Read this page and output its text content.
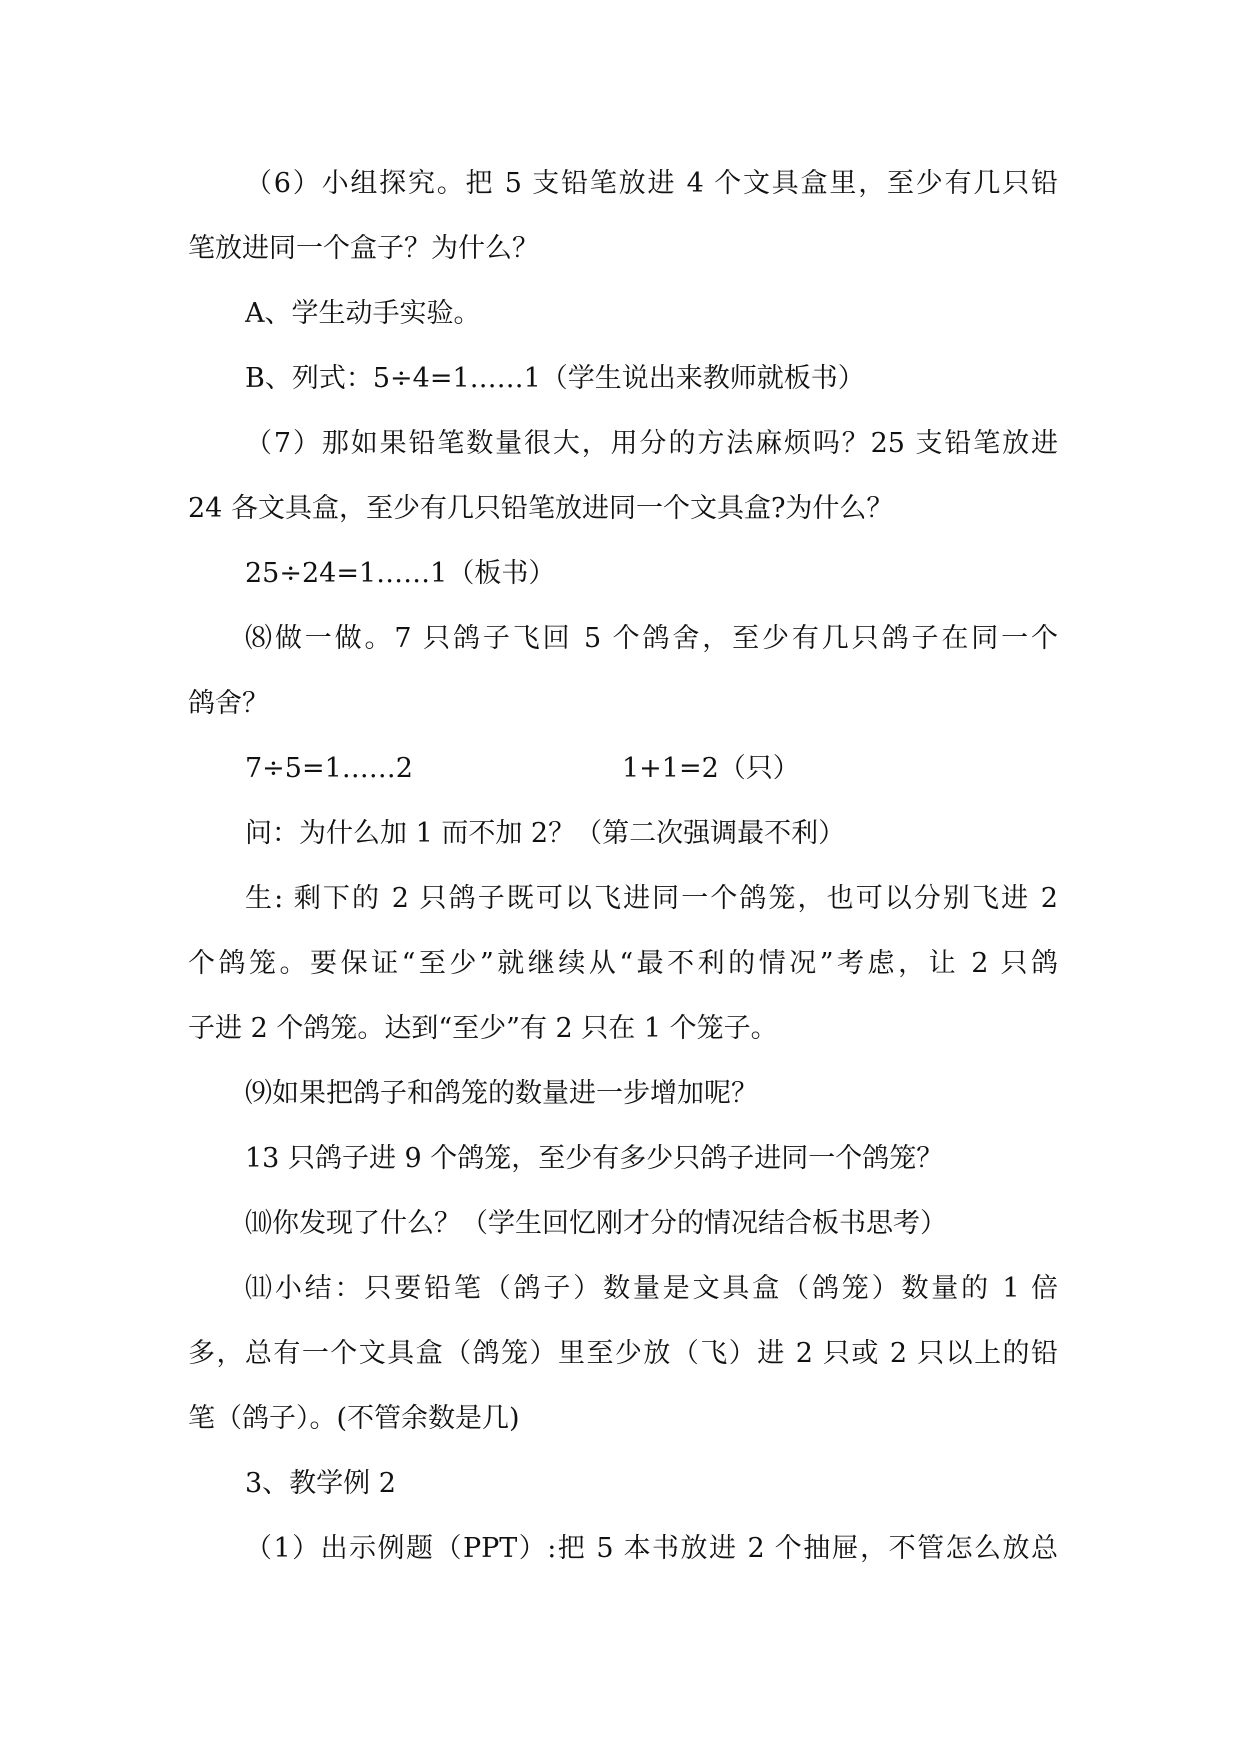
（6）小组探究。把 5 支铅笔放进 4 个文具盒里，至少有几只铅
笔放进同一个盒子？为什么？
A、学生动手实验。
B、列式：5÷4=1……1（学生说出来教师就板书）
（7）那如果铅笔数量很大，用分的方法麻烦吗？25 支铅笔放进
24 各文具盒，至少有几只铅笔放进同一个文具盒?为什么？
25÷24=1……1（板书）
⑻做一做。7 只鸽子飞回 5 个鸽舍，至少有几只鸽子在同一个
鸽舍？
7÷5=1……2	1+1=2（只）
问：为什么加 1 而不加 2？（第二次强调最不利）
生: 剩下的 2 只鸽子既可以飞进同一个鸽笼，也可以分别飞进 2
个鸽笼。要保证“至少”就继续从“最不利的情况”考虑，让 2 只鸽
子进 2 个鸽笼。达到“至少”有 2 只在 1 个笼子。
⑼如果把鸽子和鸽笼的数量进一步增加呢？
13 只鸽子进 9 个鸽笼，至少有多少只鸽子进同一个鸽笼？
⑽你发现了什么？（学生回忆刚才分的情况结合板书思考）
⑾小结：只要铅笔（鸽子）数量是文具盒（鸽笼）数量的 1 倍
多，总有一个文具盒（鸽笼）里至少放（飞）进 2 只或 2 只以上的铅
笔（鸽子）。(不管余数是几)
3、教学例 2
（1）出示例题（PPT）:把 5 本书放进 2 个抽屉，不管怎么放总
